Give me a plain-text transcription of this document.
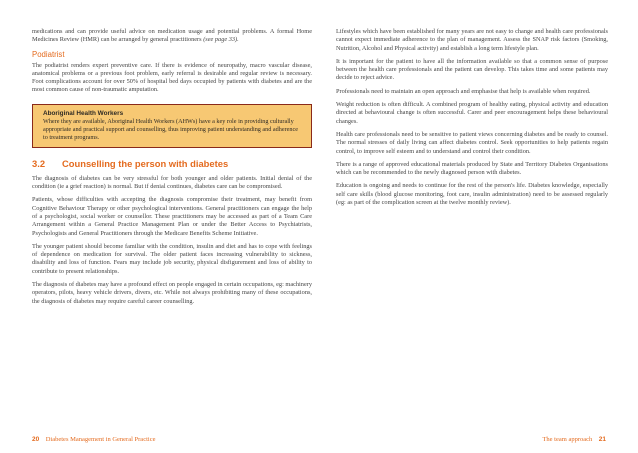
medications and can provide useful advice on medication usage and potential problems. A formal Home Medicines Review (HMR) can be arranged by general practitioners (see page 33).

Podiatrist

The podiatrist renders expert preventive care. If there is evidence of neuropathy, macro vascular disease, anatomical problems or a previous foot problem, early referral is desirable and regular review is necessary. Foot complications account for over 50% of hospital bed days occupied by patients with diabetes and are the most common cause of non-traumatic amputation.

Aboriginal Health Workers
Where they are available, Aboriginal Health Workers (AHWs) have a key role in providing culturally appropriate and practical support and counselling, thus improving patient understanding and adherence to treatment programs.
3.2	Counselling the person with diabetes

The diagnosis of diabetes can be very stressful for both younger and older patients. Initial denial of the condition (ie a grief reaction) is normal. But if denial continues, diabetes care can be compromised.

Patients, whose difficulties with accepting the diagnosis compromise their treatment, may benefit from Cognitive Behaviour Therapy or other psychological interventions. General practitioners can engage the help of a psychologist, social worker or counsellor. These practitioners may be accessed as part of a Team Care Arrangement within a General Practice Management Plan or under the Better Access to Psychiatrists, Psychologists and General Practitioners through the Medicare Benefits Scheme Initiative.

The younger patient should become familiar with the condition, insulin and diet and has to cope with feelings of dependence on medication for survival. The older patient faces increasing vulnerability to sickness, disability and loss of function. Fears may include job security, physical disfigurement and loss of ability to contribute to present relationships.

The diagnosis of diabetes may have a profound effect on people engaged in certain occupations, eg: machinery operators, pilots, heavy vehicle drivers, divers, etc. While not always prohibiting many of these occupations, the diagnosis of diabetes may require careful career counselling.

Lifestyles which have been established for many years are not easy to change and health care professionals cannot expect immediate adherence to the plan of management. Assess the SNAP risk factors (Smoking, Nutrition, Alcohol and Physical activity) and establish a long term lifestyle plan.

It is important for the patient to have all the information available so that a common sense of purpose between the health care professionals and the patient can develop. This takes time and some patients may decide to reject advice.

Professionals need to maintain an open approach and emphasise that help is available when required.

Weight reduction is often difficult. A combined program of healthy eating, physical activity and education directed at behavioural change is often successful. Carer and peer encouragement helps these behavioural changes.

Health care professionals need to be sensitive to patient views concerning diabetes and be ready to counsel. The normal stresses of daily living can affect diabetes control. Seek opportunities to help patients regain control, to improve self esteem and to understand and control their condition.

There is a range of approved educational materials produced by State and Territory Diabetes Organisations which can be recommended to the newly diagnosed person with diabetes.

Education is ongoing and needs to continue for the rest of the person's life. Diabetes knowledge, especially self care skills (blood glucose monitoring, foot care, insulin administration) need to be assessed regularly (eg: as part of the complication screen at the twelve monthly review).

20 Diabetes Management in General Practice	The team approach 21
